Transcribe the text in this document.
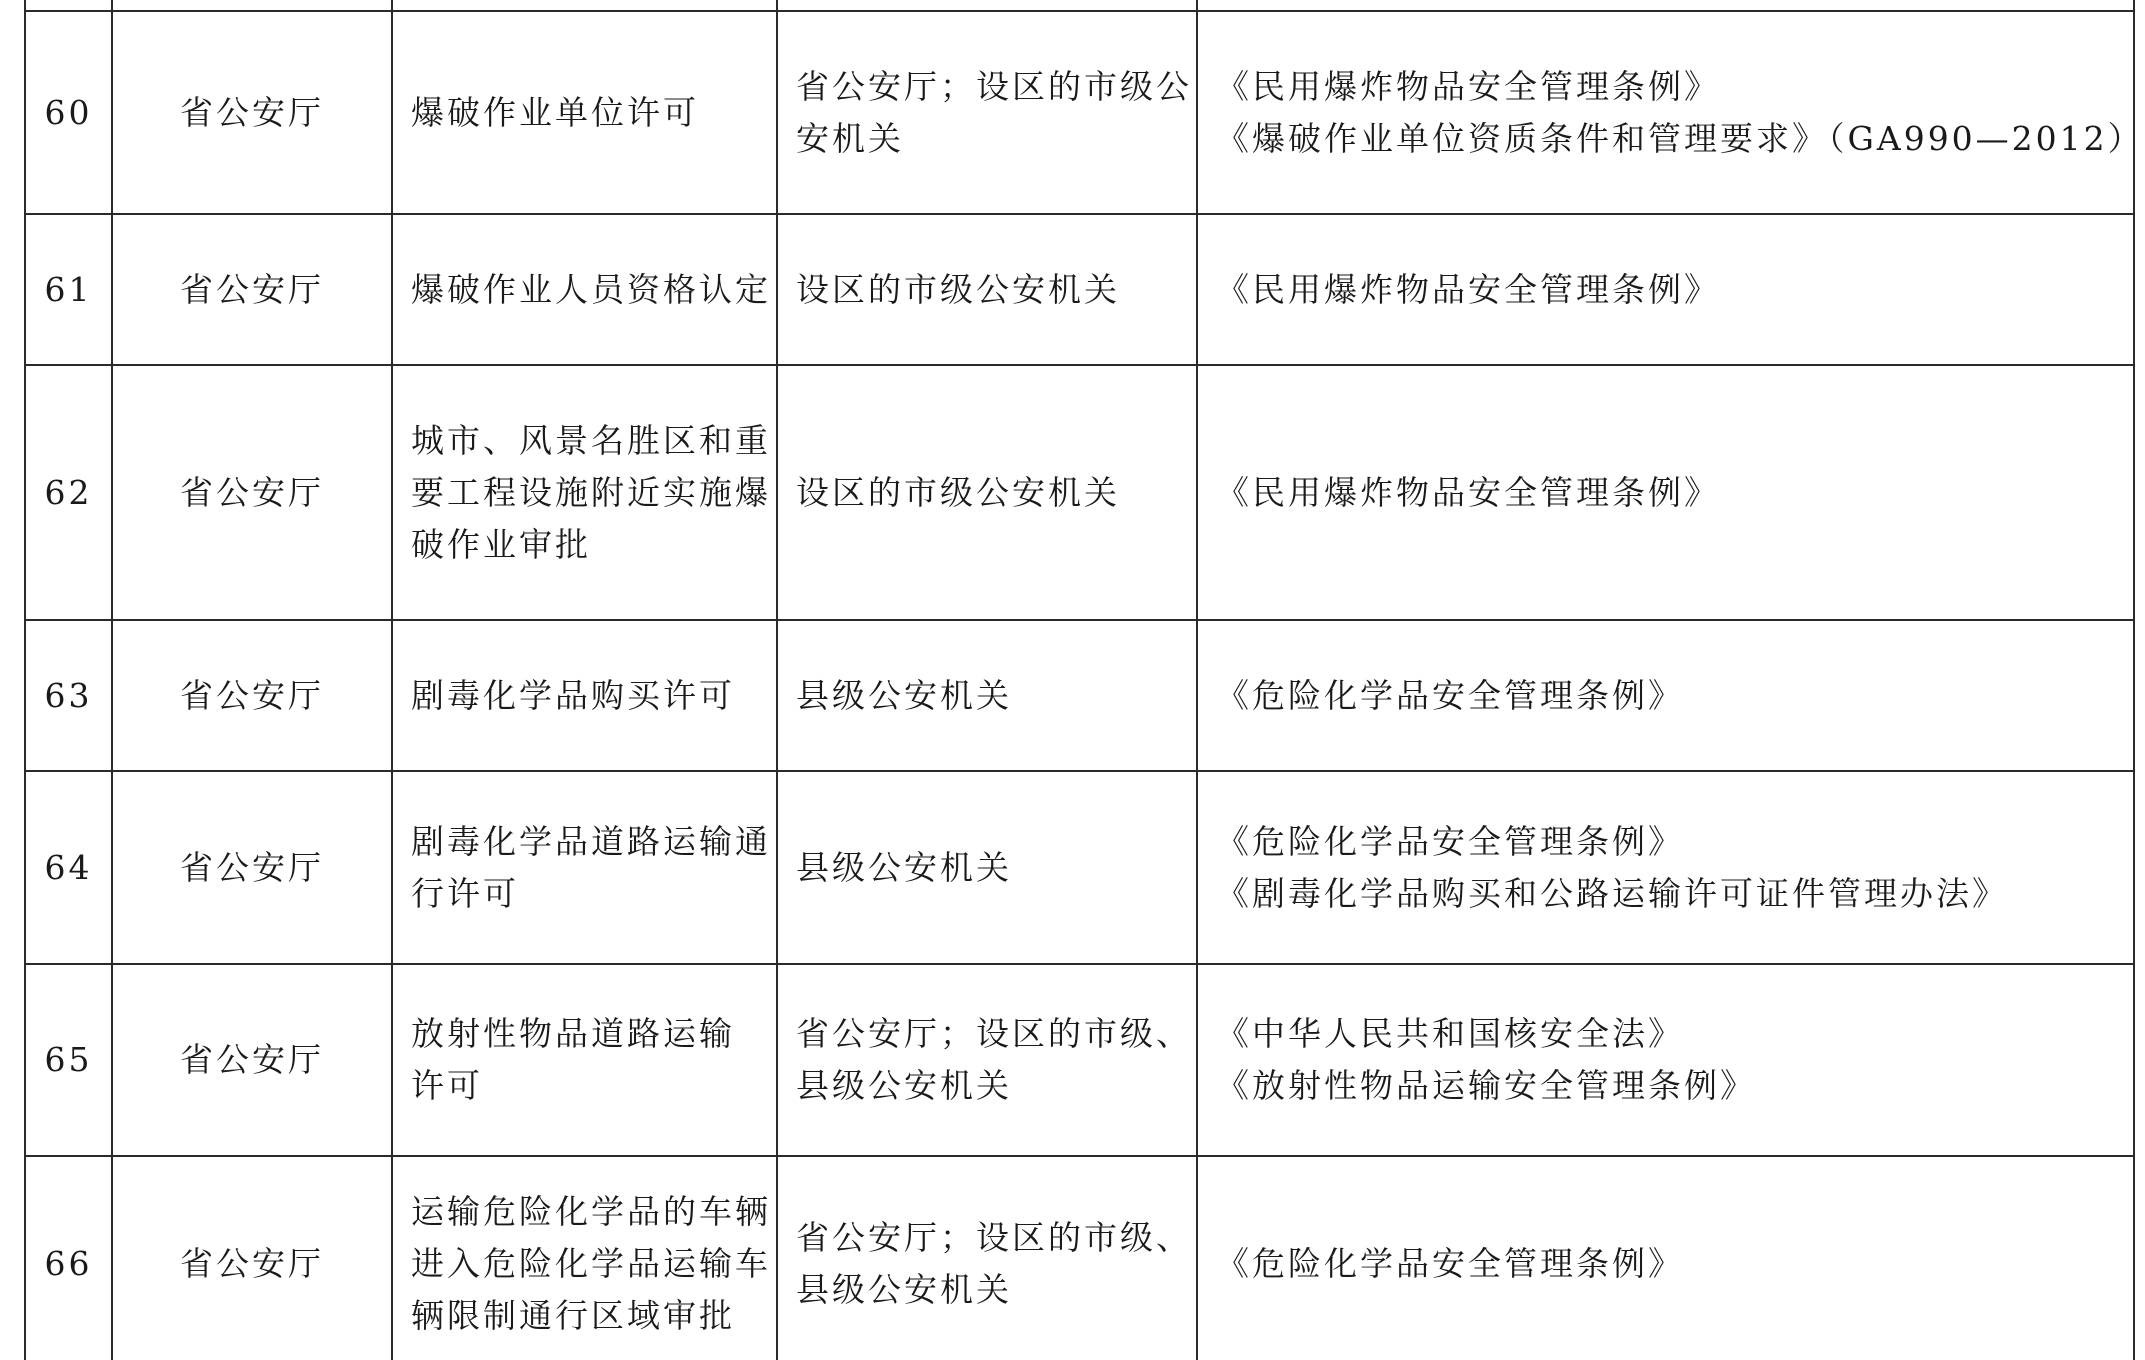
60	省公安厅	爆破作业单位许可	省公安厅；设区的市级公
安机关	《民用爆炸物品安全管理条例》
《爆破作业单位资质条件和管理要求》（GA990—2012）

61	省公安厅	爆破作业人员资格认定	设区的市级公安机关	《民用爆炸物品安全管理条例》

62	省公安厅	城市、风景名胜区和重
要工程设施附近实施爆
破作业审批	设区的市级公安机关	《民用爆炸物品安全管理条例》

63	省公安厅	剧毒化学品购买许可	县级公安机关	《危险化学品安全管理条例》

64	省公安厅	剧毒化学品道路运输通
行许可	县级公安机关	《危险化学品安全管理条例》
《剧毒化学品购买和公路运输许可证件管理办法》

65	省公安厅	放射性物品道路运输
许可	省公安厅；设区的市级、
县级公安机关	《中华人民共和国核安全法》
《放射性物品运输安全管理条例》

66	省公安厅	运输危险化学品的车辆
进入危险化学品运输车
辆限制通行区域审批	省公安厅；设区的市级、
县级公安机关	《危险化学品安全管理条例》
